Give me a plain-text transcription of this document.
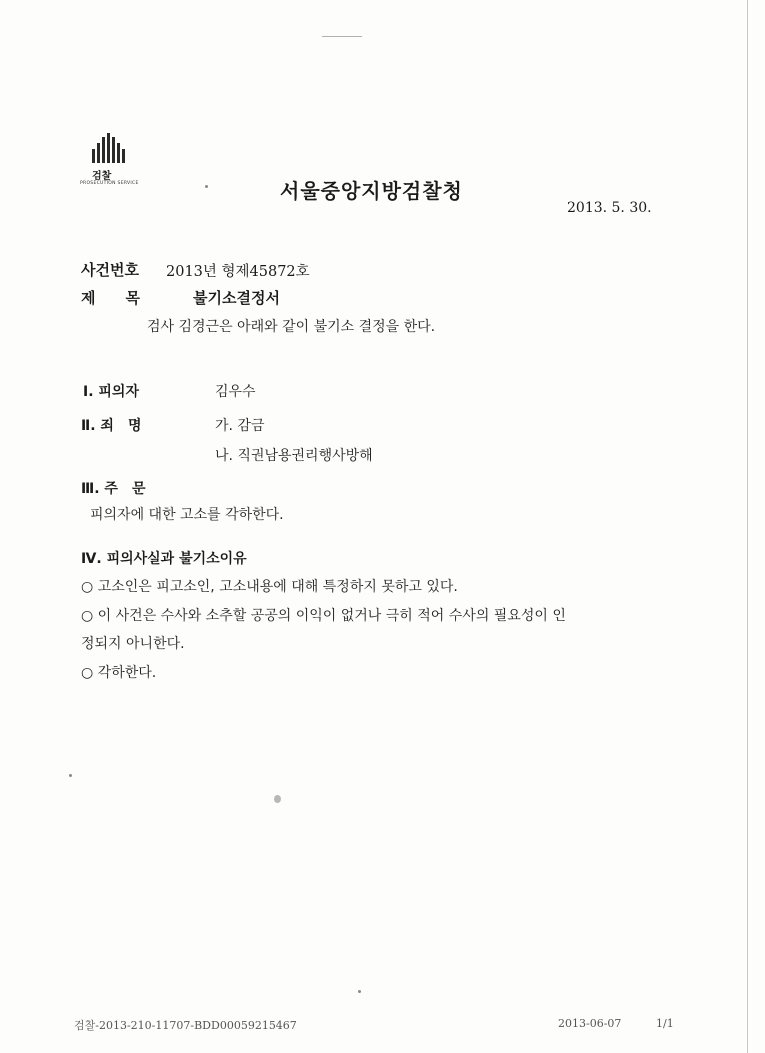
검찰
PROSECUTION SERVICE	서울중앙지방검찰청
2013. 5. 30.
사건번호 2013년 형제45872호
제　　목	불기소결정서
검사 김경근은 아래와 같이 불기소 결정을 한다.
Ⅰ. 피의자	김우수
Ⅱ. 죄　명	가. 감금
나. 직권남용권리행사방해
Ⅲ. 주　문
피의자에 대한 고소를 각하한다.
Ⅳ. 피의사실과 불기소이유
○ 고소인은 피고소인, 고소내용에 대해 특정하지 못하고 있다.
○ 이 사건은 수사와 소추할 공공의 이익이 없거나 극히 적어 수사의 필요성이 인
정되지 아니한다.
○ 각하한다.
검찰-2013-210-11707-BDD00059215467	2013-06-07	1/1
